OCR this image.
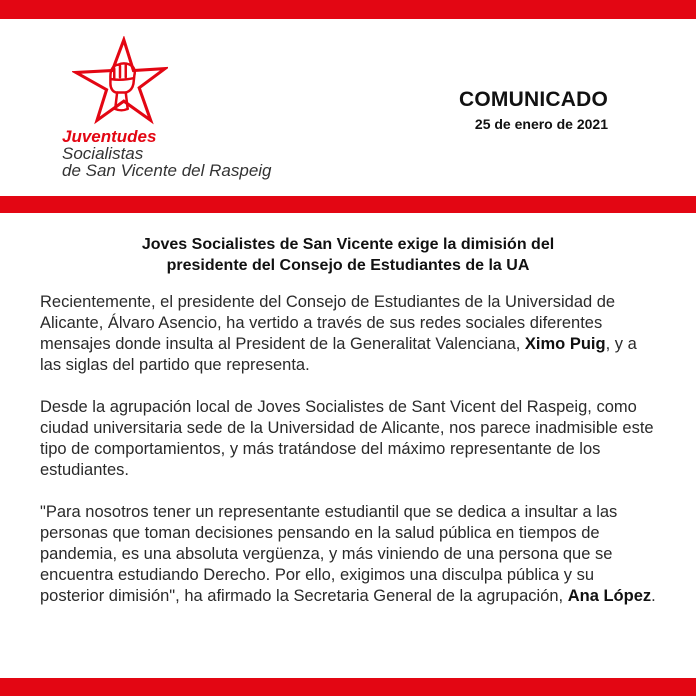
Juventudes
Socialistas
de San Vicente del Raspeig
COMUNICADO
25 de enero de 2021
Joves Socialistes de San Vicente exige la dimisión del
presidente del Consejo de Estudiantes de la UA

Recientemente, el presidente del Consejo de Estudiantes de la Universidad de Alicante, Álvaro Asencio, ha vertido a través de sus redes sociales diferentes mensajes donde insulta al President de la Generalitat Valenciana, Ximo Puig, y a las siglas del partido que representa.

Desde la agrupación local de Joves Socialistes de Sant Vicent del Raspeig, como ciudad universitaria sede de la Universidad de Alicante, nos parece inadmisible este tipo de comportamientos, y más tratándose del máximo representante de los estudiantes.

"Para nosotros tener un representante estudiantil que se dedica a insultar a las personas que toman decisiones pensando en la salud pública en tiempos de pandemia, es una absoluta vergüenza, y más viniendo de una persona que se encuentra estudiando Derecho. Por ello, exigimos una disculpa pública y su posterior dimisión", ha afirmado la Secretaria General de la agrupación, Ana López.
